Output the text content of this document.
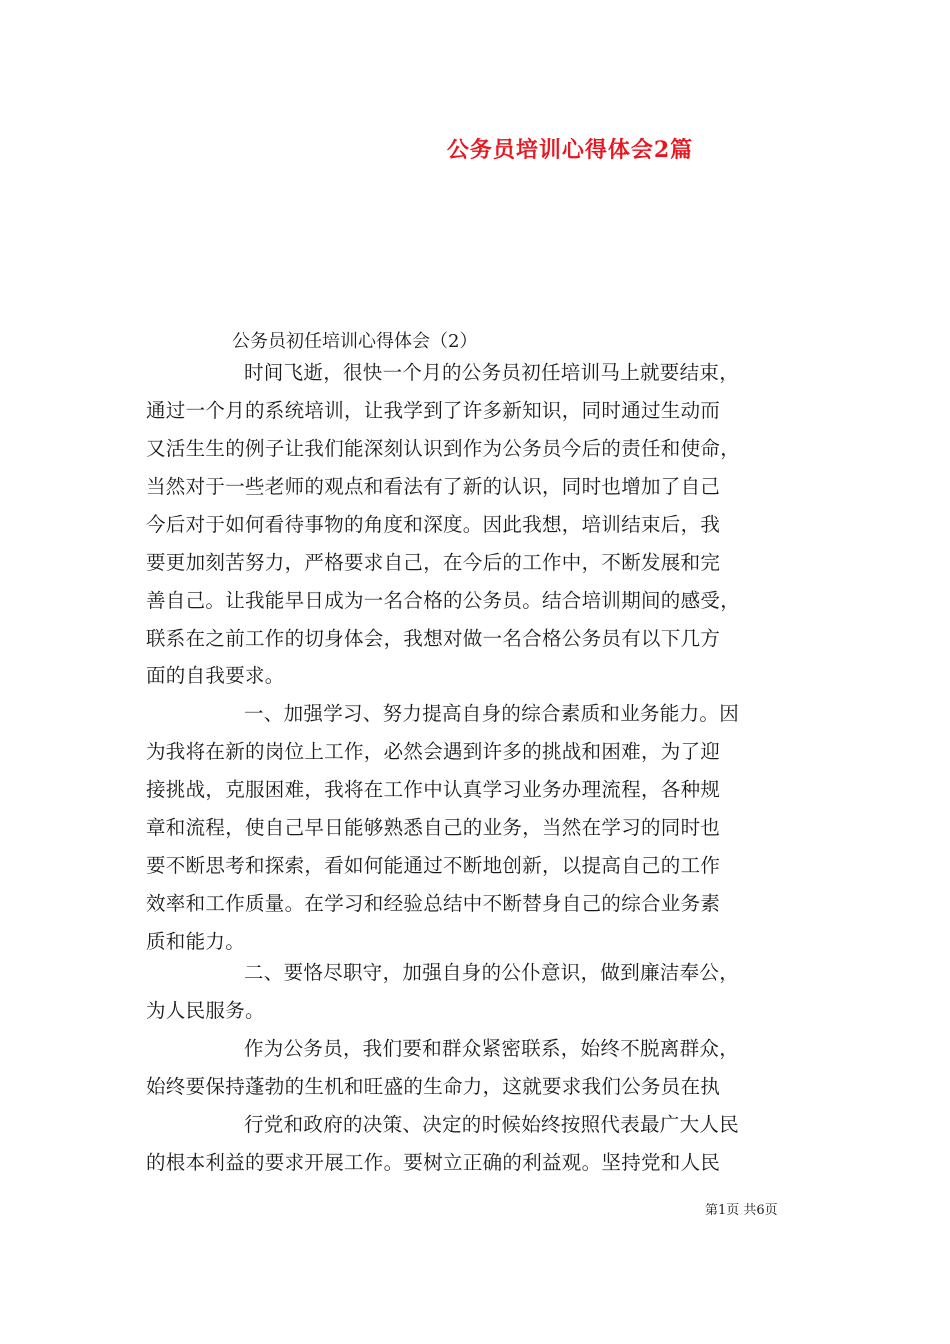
公务员培训心得体会2篇
公务员初任培训心得体会（2）
时间飞逝，很快一个月的公务员初任培训马上就要结束，
通过一个月的系统培训，让我学到了许多新知识，同时通过生动而
又活生生的例子让我们能深刻认识到作为公务员今后的责任和使命，
当然对于一些老师的观点和看法有了新的认识，同时也增加了自己
今后对于如何看待事物的角度和深度。因此我想，培训结束后，我
要更加刻苦努力，严格要求自己，在今后的工作中，不断发展和完
善自己。让我能早日成为一名合格的公务员。结合培训期间的感受，
联系在之前工作的切身体会，我想对做一名合格公务员有以下几方
面的自我要求。
一、加强学习、努力提高自身的综合素质和业务能力。因
为我将在新的岗位上工作，必然会遇到许多的挑战和困难，为了迎
接挑战，克服困难，我将在工作中认真学习业务办理流程，各种规
章和流程，使自己早日能够熟悉自己的业务，当然在学习的同时也
要不断思考和探索，看如何能通过不断地创新，以提高自己的工作
效率和工作质量。在学习和经验总结中不断替身自己的综合业务素
质和能力。
二、要恪尽职守，加强自身的公仆意识，做到廉洁奉公，
为人民服务。
作为公务员，我们要和群众紧密联系，始终不脱离群众，
始终要保持蓬勃的生机和旺盛的生命力，这就要求我们公务员在执
行党和政府的决策、决定的时候始终按照代表最广大人民
的根本利益的要求开展工作。要树立正确的利益观。坚持党和人民
第1页 共6页
